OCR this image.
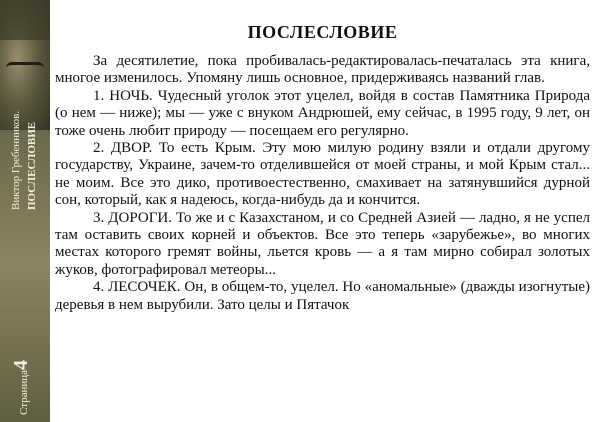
Виктор Гребенников. ПОСЛЕСЛОВИЕ
Страница4
ПОСЛЕСЛОВИЕ

За десятилетие, пока пробивалась-редактировалась-печаталась эта книга, многое изменилось. Упомяну лишь основное, придерживаясь названий глав.

1. НОЧЬ. Чудесный уголок этот уцелел, войдя в состав Памятника Природа (о нем — ниже); мы — уже с внуком Андрюшей, ему сейчас, в 1995 году, 9 лет, он тоже очень любит природу — посещаем его регулярно.

2. ДВОР. То есть Крым. Эту мою милую родину взяли и отдали другому государству, Украине, зачем-то отделившейся от моей страны, и мой Крым стал... не моим. Все это дико, противоестественно, смахивает на затянувшийся дурной сон, который, как я надеюсь, когда-нибудь да и кончится.

3. ДОРОГИ. То же и с Казахстаном, и со Средней Азией — ладно, я не успел там оставить своих корней и объектов. Все это теперь «зарубежье», во многих местах которого гремят войны, льется кровь — а я там мирно собирал золотых жуков, фотографировал метеоры...

4. ЛЕСОЧЕК. Он, в общем-то, уцелел. Но «аномальные» (дважды изогнутые) деревья в нем вырубили. Зато целы и Пятачок
